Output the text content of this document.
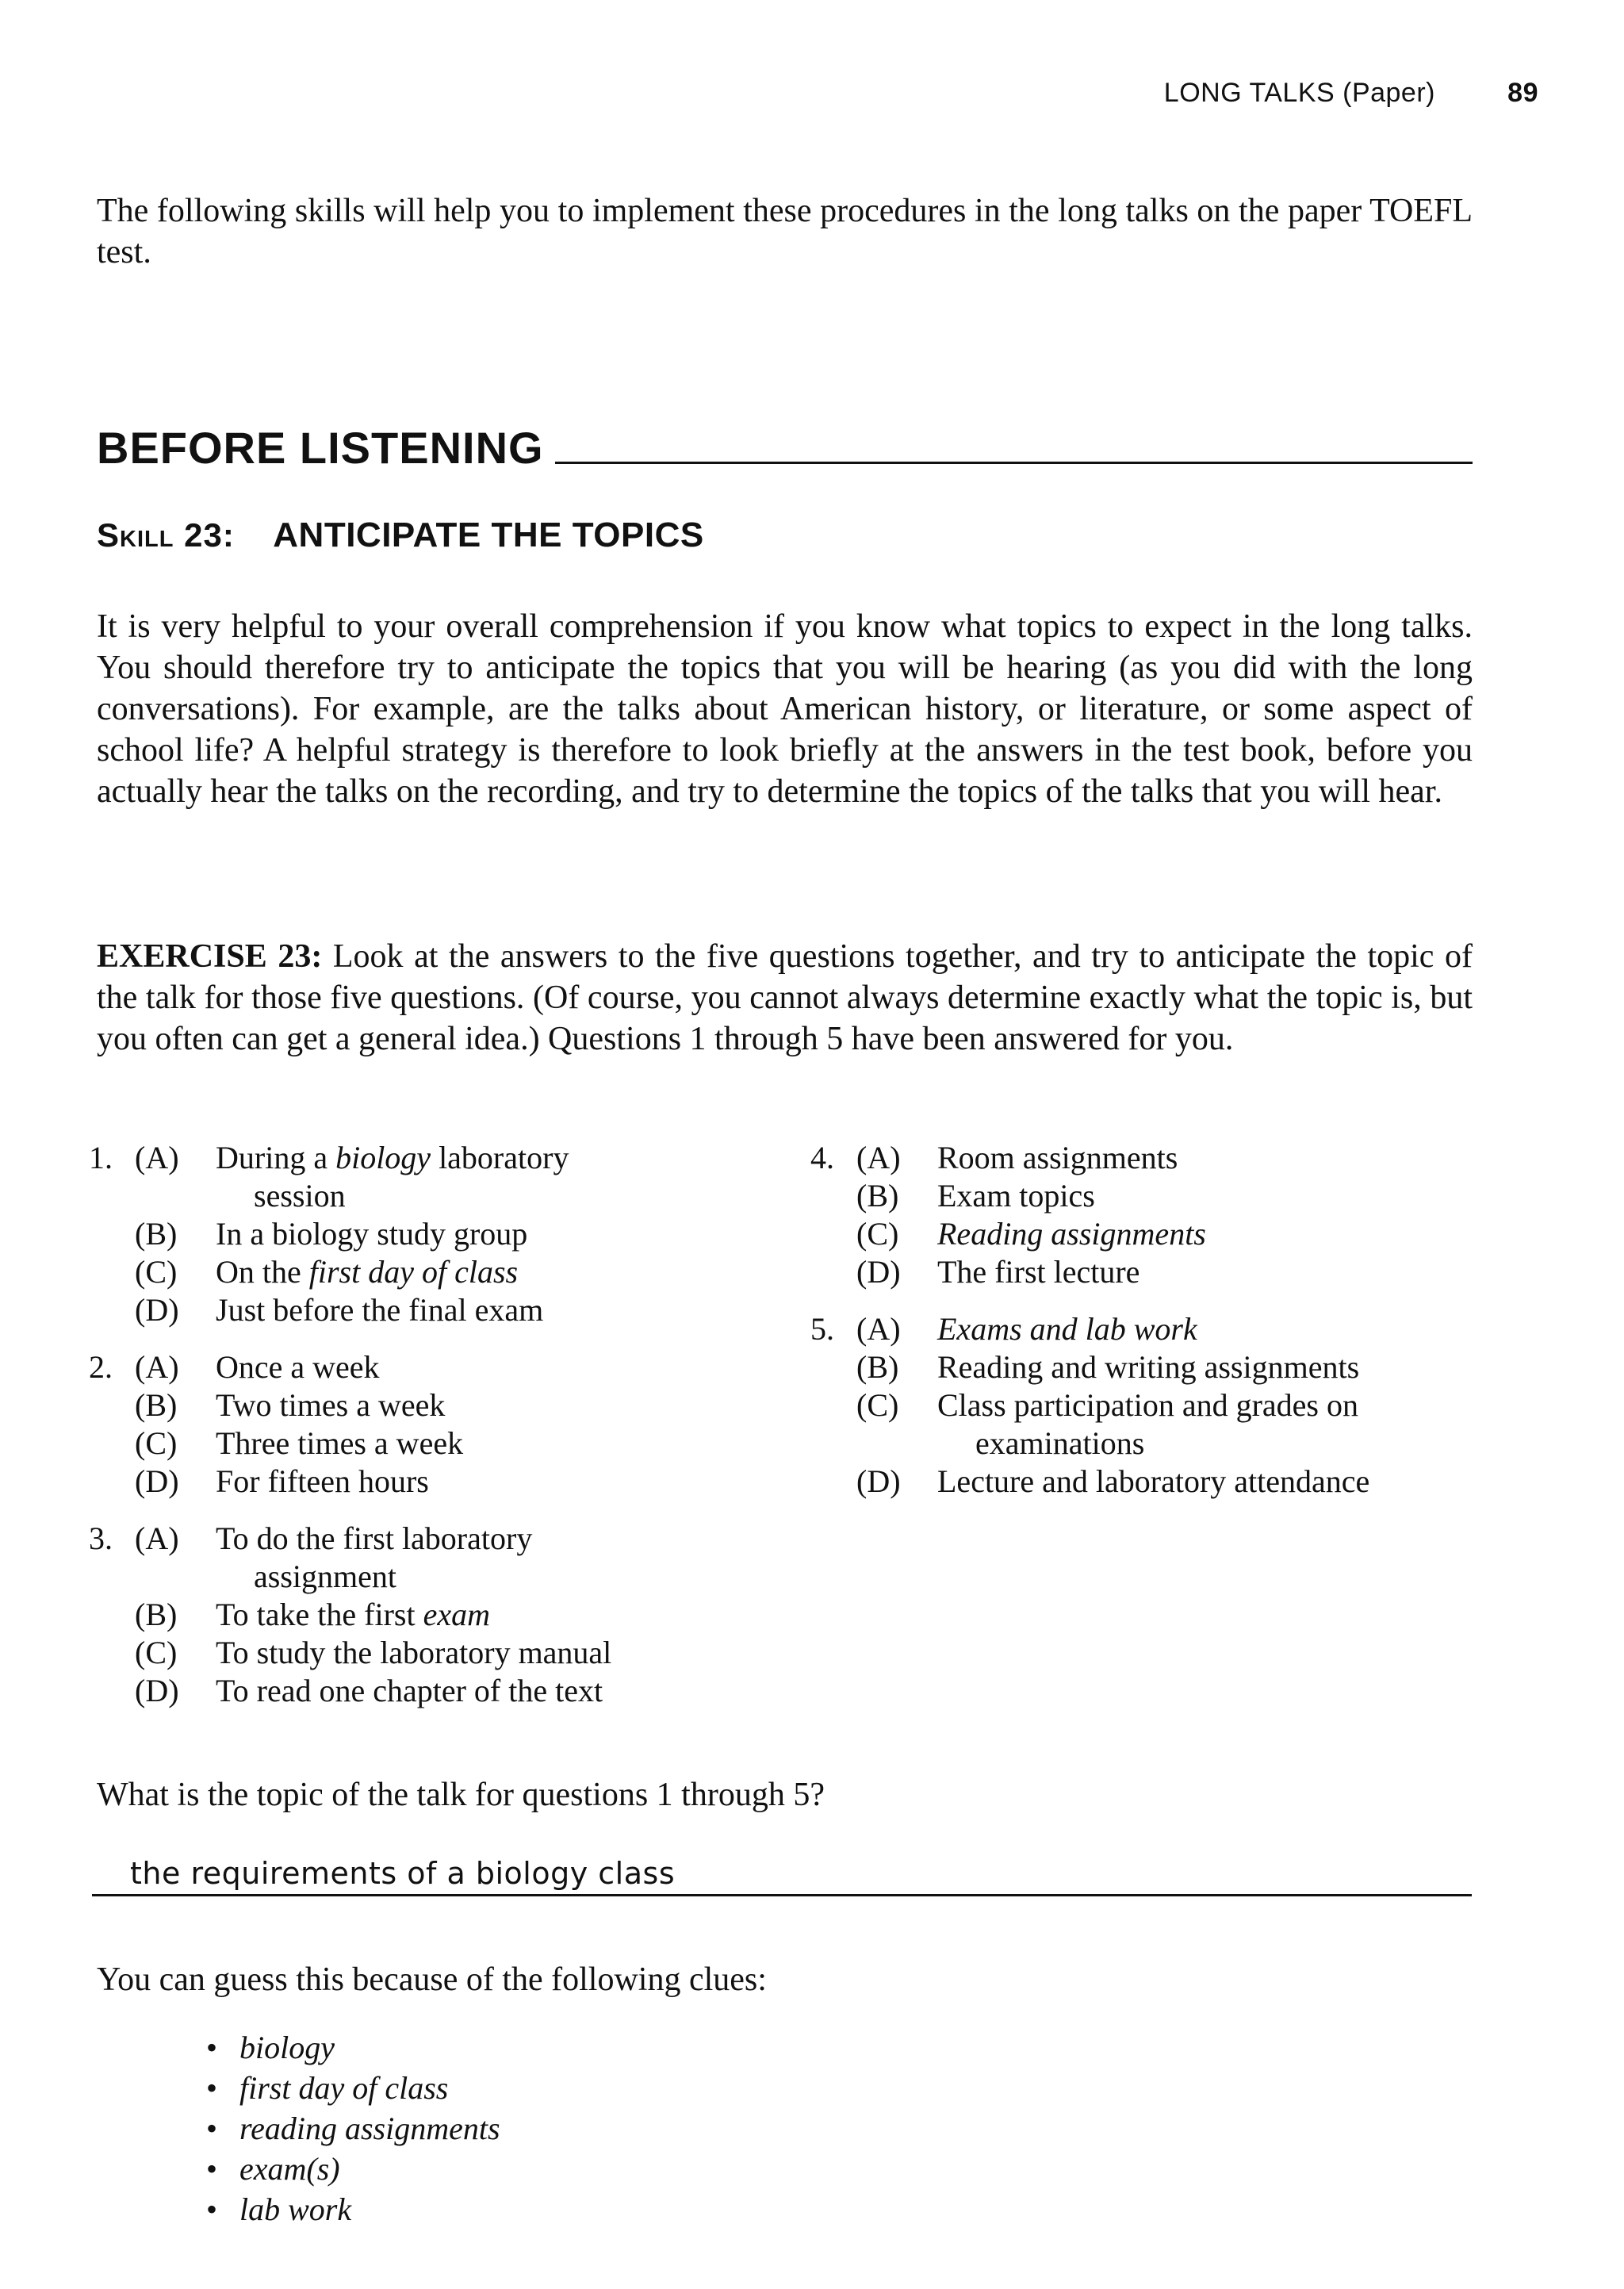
LONG TALKS (Paper)	89

The following skills will help you to implement these procedures in the long talks on the paper TOEFL test.

BEFORE LISTENING
Skill 23: ANTICIPATE THE TOPICS

It is very helpful to your overall comprehension if you know what topics to expect in the long talks. You should therefore try to anticipate the topics that you will be hearing (as you did with the long conversations). For example, are the talks about American history, or literature, or some aspect of school life? A helpful strategy is therefore to look briefly at the answers in the test book, before you actually hear the talks on the recording, and try to determine the topics of the talks that you will hear.

EXERCISE 23: Look at the answers to the five questions together, and try to anticipate the topic of the talk for those five questions. (Of course, you cannot always determine exactly what the topic is, but you often can get a general idea.) Questions 1 through 5 have been answered for you.

1. (A) During a biology laboratory
session
(B) In a biology study group
(C) On the first day of class
(D) Just before the final exam
2. (A) Once a week
(B) Two times a week
(C) Three times a week
(D) For fifteen hours
3. (A) To do the first laboratory
assignment
(B) To take the first exam
(C) To study the laboratory manual
(D) To read one chapter of the text
4. (A) Room assignments
(B) Exam topics
(C) Reading assignments
(D) The first lecture
5. (A) Exams and lab work
(B) Reading and writing assignments
(C) Class participation and grades on
examinations
(D) Lecture and laboratory attendance

What is the topic of the talk for questions 1 through 5?

the requirements of a biology class

You can guess this because of the following clues:

• biology
• first day of class
• reading assignments
• exam(s)
• lab work
